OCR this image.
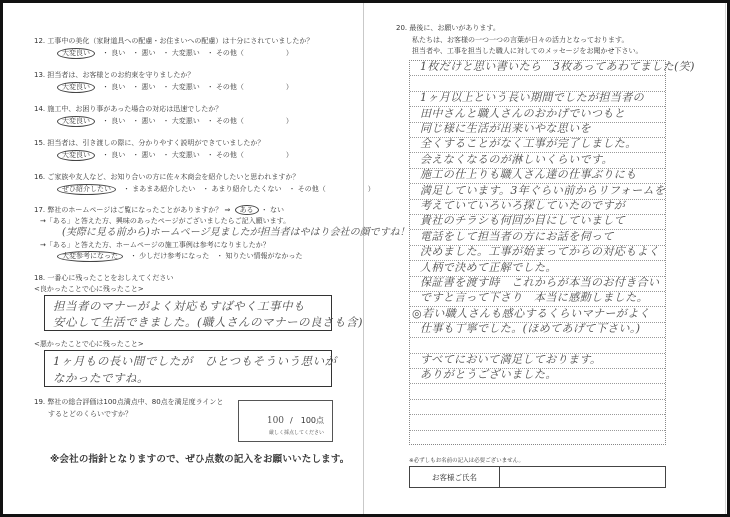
12. 工事中の美化（家財道具への配慮・お住まいへの配慮）は十分にされていましたか？
大変良い ・ 良い ・ 悪い ・ 大変悪い ・ その他（　　　　　　）
13. 担当者は、お客様とのお約束を守りましたか？
大変良い ・ 良い ・ 悪い ・ 大変悪い ・ その他（　　　　　　）
14. 施工中、お困り事があった場合の対応は迅速でしたか？
大変良い ・ 良い ・ 悪い ・ 大変悪い ・ その他（　　　　　　）
15. 担当者は、引き渡しの際に、分かりやすく説明ができていましたか？
大変良い ・ 良い ・ 悪い ・ 大変悪い ・ その他（　　　　　　）
16. ご家族や友人など、お知り合いの方に佐々木商会を紹介したいと思われますか？
ぜひ紹介したい ・ まあまあ紹介したい ・ あまり紹介したくない ・ その他（　　　　　　）
17. 弊社のホームページはご覧になったことがありますか？ ⇒ ある ・ ない
→「ある」と答えた方、興味のあったページがございましたらご記入願います。
(実際に見る前から)ホームページ見ましたが担当者はやはり会社の顔ですね！
→「ある」と答えた方、ホームページの施工事例は参考になりましたか？
大変参考になった ・ 少しだけ参考になった ・ 知りたい情報がなかった
18. 一番心に残ったことをおしえてください
<良かったことで心に残ったこと>
担当者のマナーがよく対応もすばやく工事中も
安心して生活できました。(職人さんのマナーの良さも含)
<悪かったことで心に残ったこと>
1ヶ月もの長い間でしたが　ひとつもそういう思いが
なかったですね。
19. 弊社の総合評価は100点満点中、80点を満足度ラインと
するとどのくらいですか？
100 /　100点
厳しく採点してください
※会社の指針となりますので、ぜひ点数の記入をお願いいたします。
20. 最後に、お願いがあります。
私たちは、お客様の一つ一つの言葉が日々の活力となっております。
担当者や、工事を担当した職人に対してのメッセージをお聞かせ下さい。
1枚だけと思い書いたら　3枚あってあわてました(笑)
1ヶ月以上という長い期間でしたが担当者の
田中さんと職人さんのおかげでいつもと
同じ様に生活が出来いやな思いを
全くすることがなく工事が完了しました。
会えなくなるのが淋しいくらいです。
施工の仕上りも職人さん達の仕事ぶりにも
満足しています。3年ぐらい前からリフォームを
考えていていろいろ探していたのですが
貴社のチラシも何回か目にしていまして
電話をして担当者の方にお話を伺って
決めました。工事が始まってからの対応もよく
人柄で決めて正解でした。
保証書を渡す時　これからが本当のお付き合い
ですと言って下さり　本当に感動しました。
◎若い職人さんも感心するくらいマナーがよく
仕事も丁寧でした。(ほめてあげて下さい。)
すべてにおいて満足しております。
ありがとうございました。
※必ずしもお名前の記入は必要ございません。
お客様ご氏名
